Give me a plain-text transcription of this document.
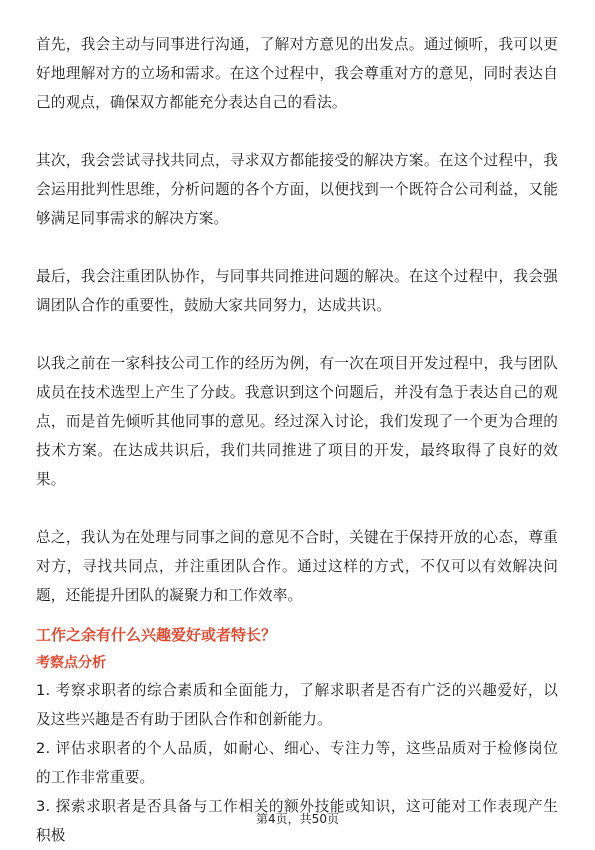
首先，我会主动与同事进行沟通，了解对方意见的出发点。通过倾听，我可以更好地理解对方的立场和需求。在这个过程中，我会尊重对方的意见，同时表达自己的观点，确保双方都能充分表达自己的看法。

其次，我会尝试寻找共同点，寻求双方都能接受的解决方案。在这个过程中，我会运用批判性思维，分析问题的各个方面，以便找到一个既符合公司利益，又能够满足同事需求的解决方案。

最后，我会注重团队协作，与同事共同推进问题的解决。在这个过程中，我会强调团队合作的重要性，鼓励大家共同努力，达成共识。

以我之前在一家科技公司工作的经历为例，有一次在项目开发过程中，我与团队成员在技术选型上产生了分歧。我意识到这个问题后，并没有急于表达自己的观点，而是首先倾听其他同事的意见。经过深入讨论，我们发现了一个更为合理的技术方案。在达成共识后，我们共同推进了项目的开发，最终取得了良好的效果。

总之，我认为在处理与同事之间的意见不合时，关键在于保持开放的心态，尊重对方，寻找共同点，并注重团队合作。通过这样的方式，不仅可以有效解决问题，还能提升团队的凝聚力和工作效率。

工作之余有什么兴趣爱好或者特长？
考察点分析

1. 考察求职者的综合素质和全面能力，了解求职者是否有广泛的兴趣爱好，以及这些兴趣是否有助于团队合作和创新能力。

2. 评估求职者的个人品质，如耐心、细心、专注力等，这些品质对于检修岗位的工作非常重要。

3. 探索求职者是否具备与工作相关的额外技能或知识，这可能对工作表现产生积极

第4页，共50页
